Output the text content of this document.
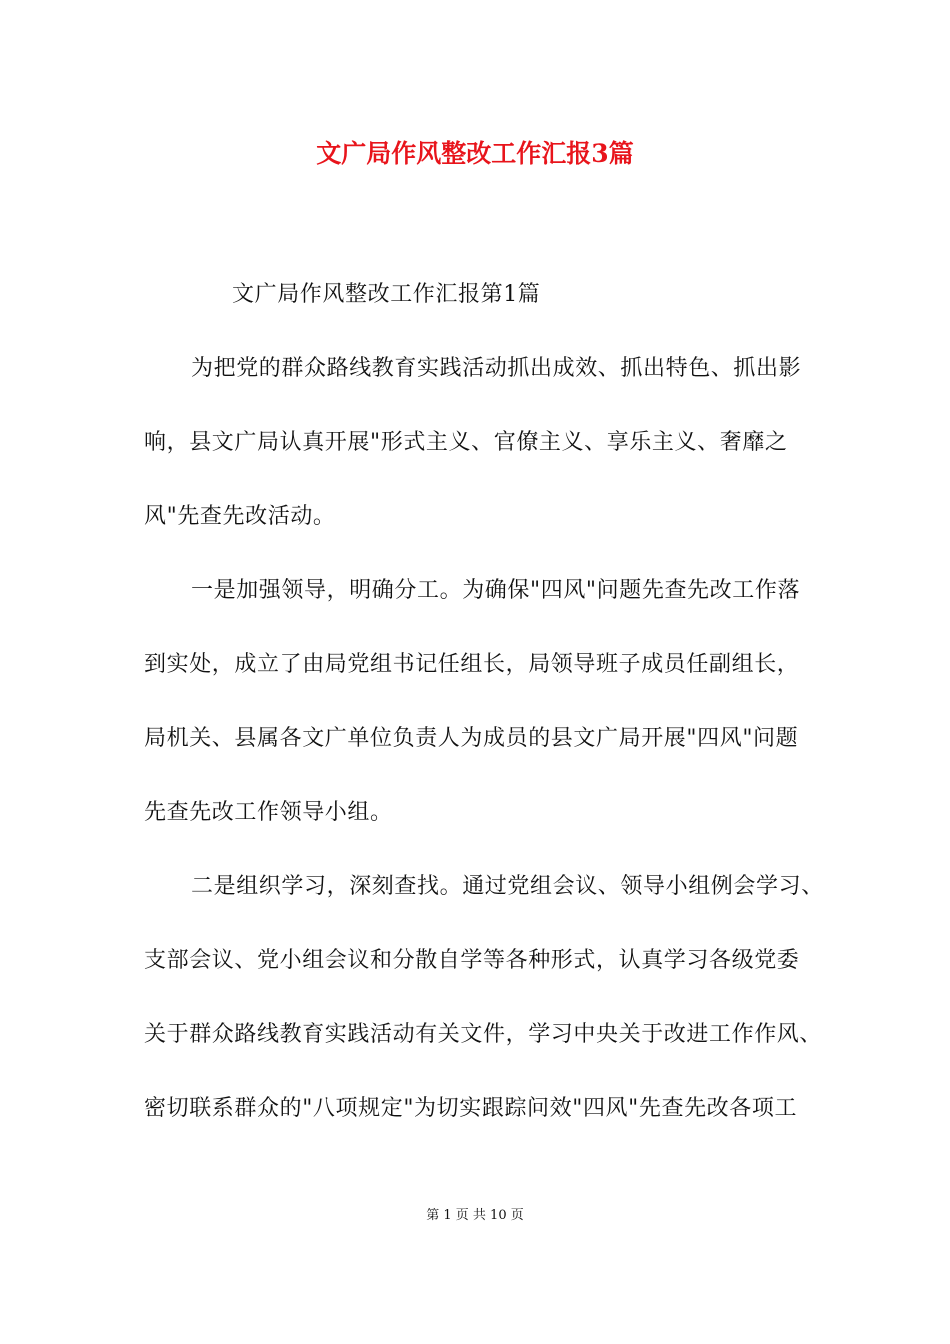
文广局作风整改工作汇报3篇
文广局作风整改工作汇报第1篇
为把党的群众路线教育实践活动抓出成效、抓出特色、抓出影
响，县文广局认真开展"形式主义、官僚主义、享乐主义、奢靡之
风"先查先改活动。
一是加强领导，明确分工。为确保"四风"问题先查先改工作落
到实处，成立了由局党组书记任组长，局领导班子成员任副组长，
局机关、县属各文广单位负责人为成员的县文广局开展"四风"问题
先查先改工作领导小组。
二是组织学习，深刻查找。通过党组会议、领导小组例会学习、
支部会议、党小组会议和分散自学等各种形式，认真学习各级党委
关于群众路线教育实践活动有关文件，学习中央关于改进工作作风、
密切联系群众的"八项规定"为切实跟踪问效"四风"先查先改各项工
第 1 页 共 10 页
